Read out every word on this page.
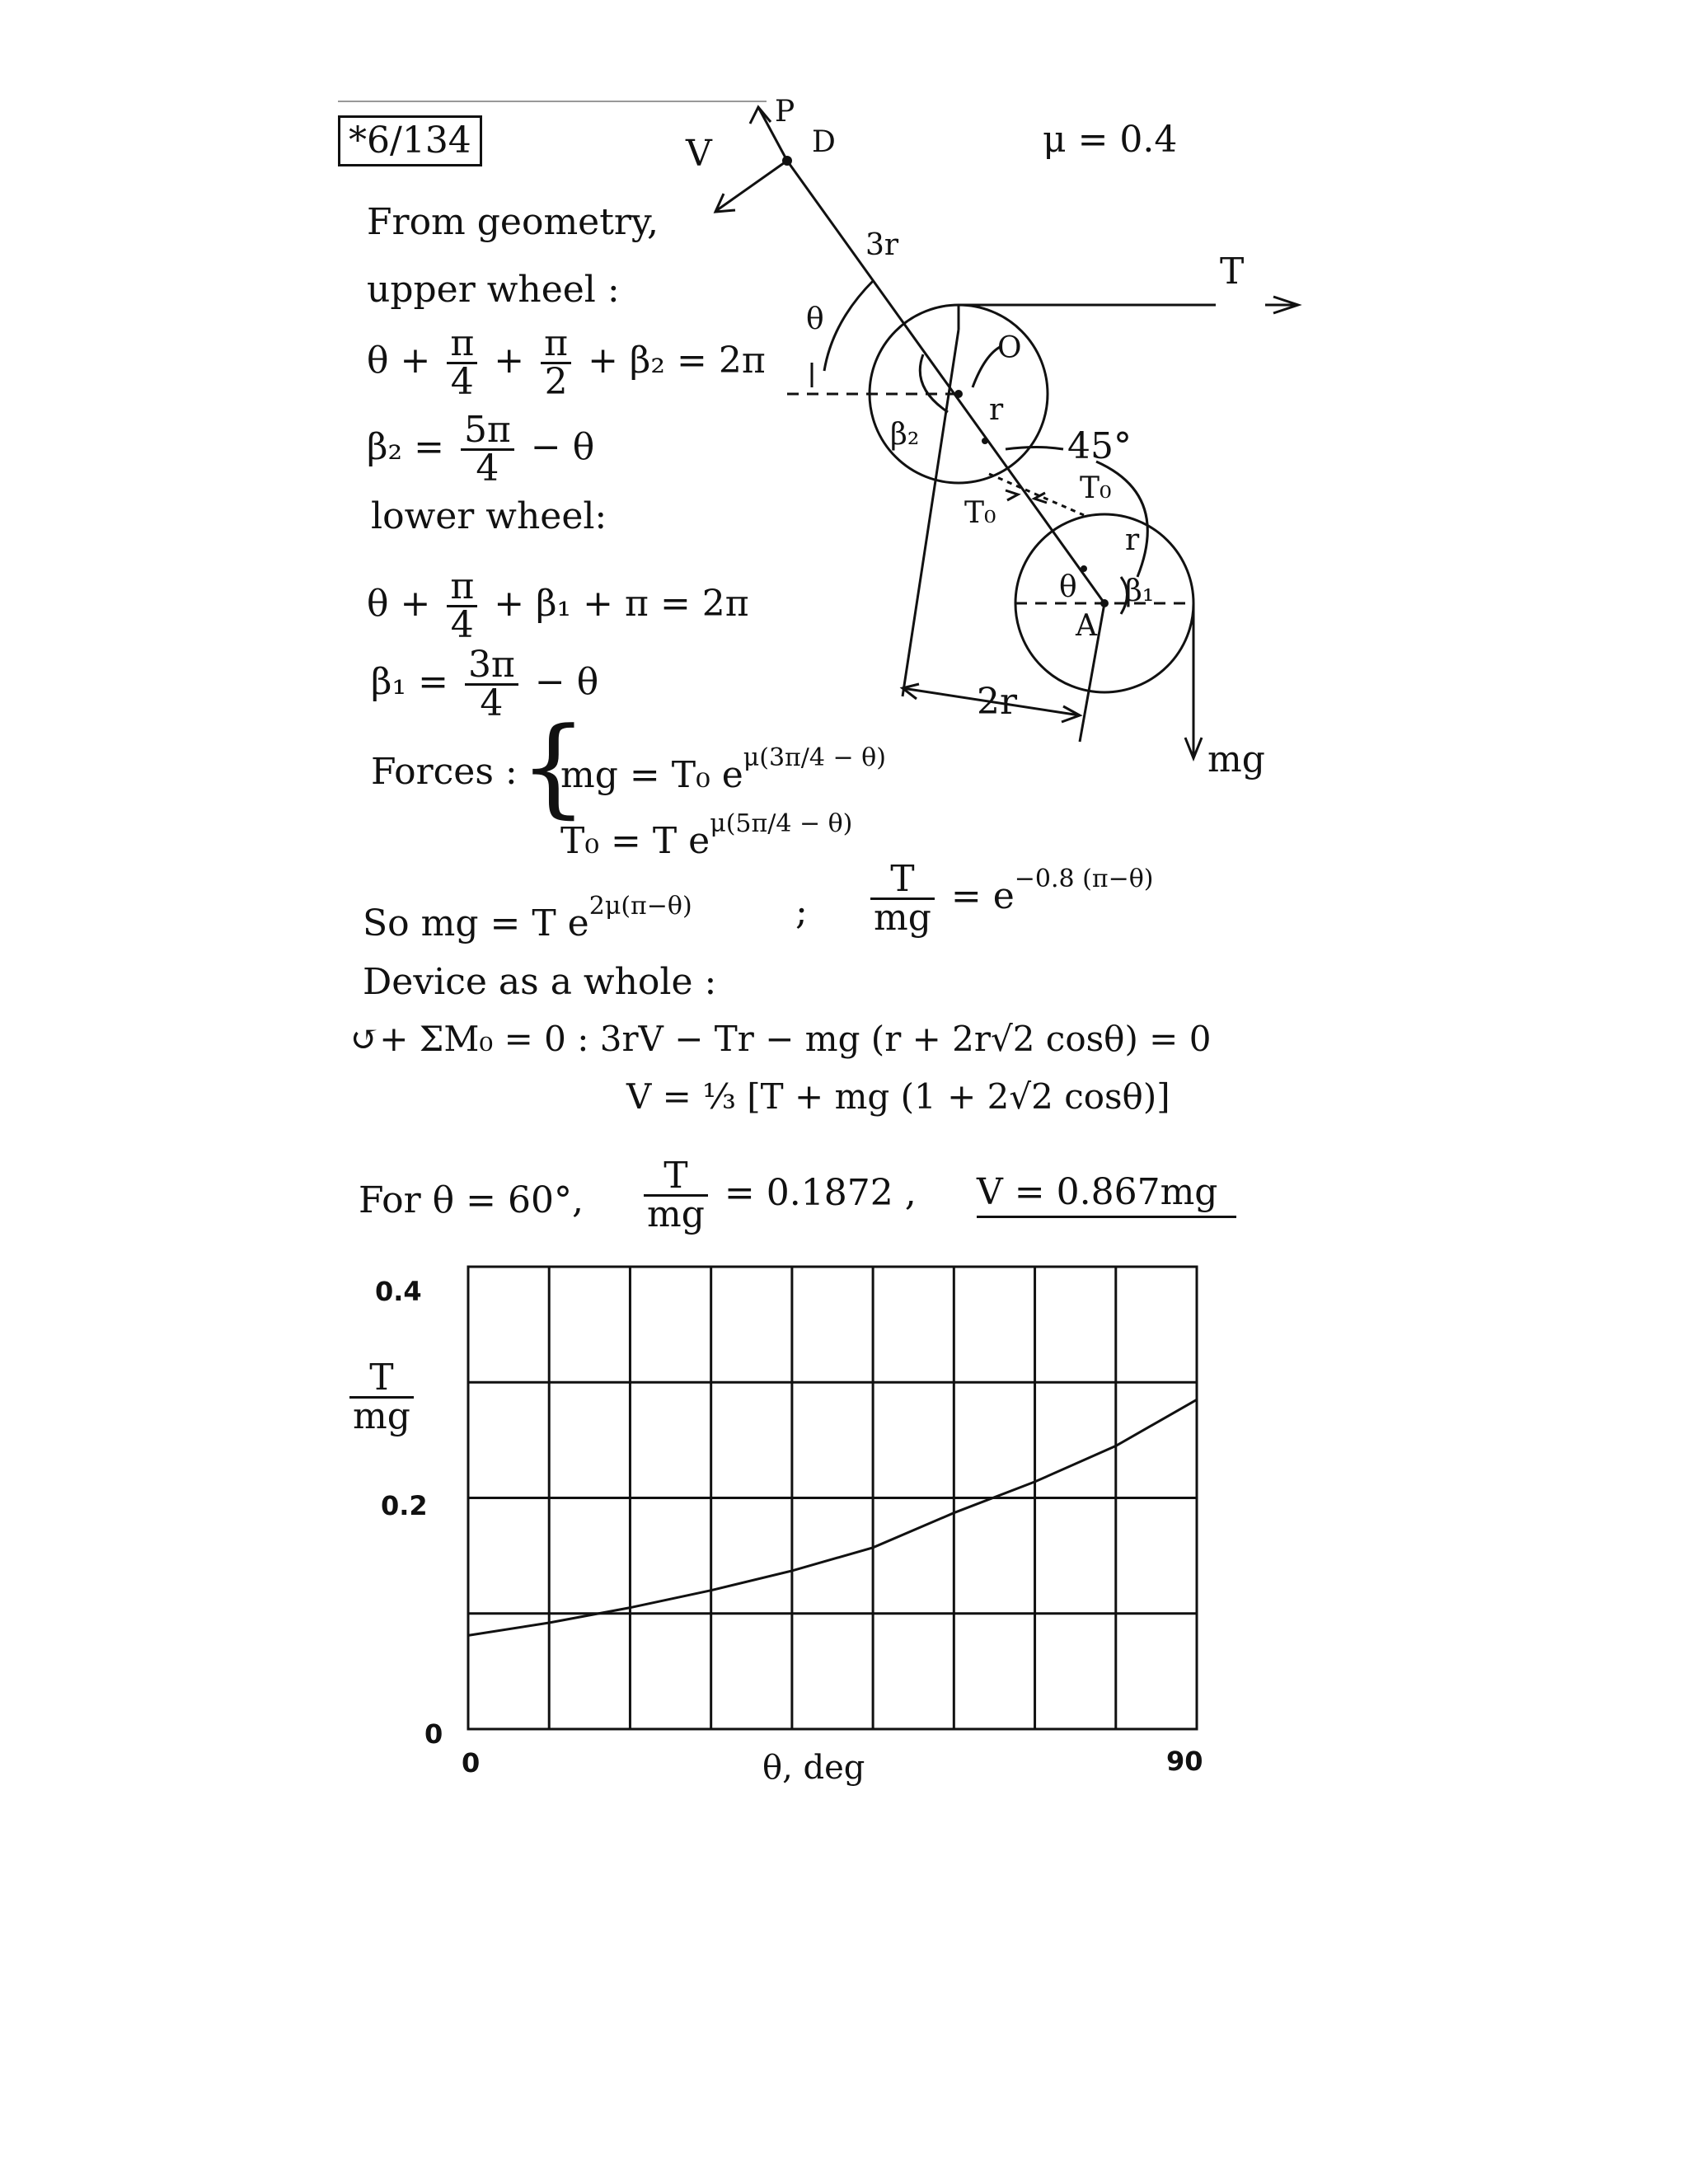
*6/134	μ = 0.4
V
P
D
3r
θ
T
O
r
β₂	45°
T₀
T₀
r
θ β₁
A
2r
mg
From geometry,
upper wheel :
$\theta + \frac{\pi}{4} + \frac{\pi}{2} + \beta_2 = 2\pi$
$\beta_2 = \frac{5\pi}{4} - \theta$
lower wheel:
$\theta + \frac{\pi}{4} + \beta_1 + \pi = 2\pi$
$\beta_1 = \frac{3\pi}{4} - \theta$
Forces : {
mg = T₀ $e^{\mu(3\pi/4 - \theta)}$
T₀ = T $e^{\mu(5\pi/4 - \theta)}$
So mg = T $e^{2\mu(\pi-\theta)}$	; $\frac{T}{mg} = e^{-0.8 (\pi-\theta)}$
Device as a whole :
↺+ ΣM₀ = 0 : 3rV − Tr − mg (r + 2r√2 cosθ) = 0
V = ⅓ [T + mg (1 + 2√2 cosθ)]
For θ = 60°, $\frac{T}{mg} = 0.1872$ , V = 0.867mg
0.4
0.2
0
0	90
θ, deg
$\frac{T}{mg}$
